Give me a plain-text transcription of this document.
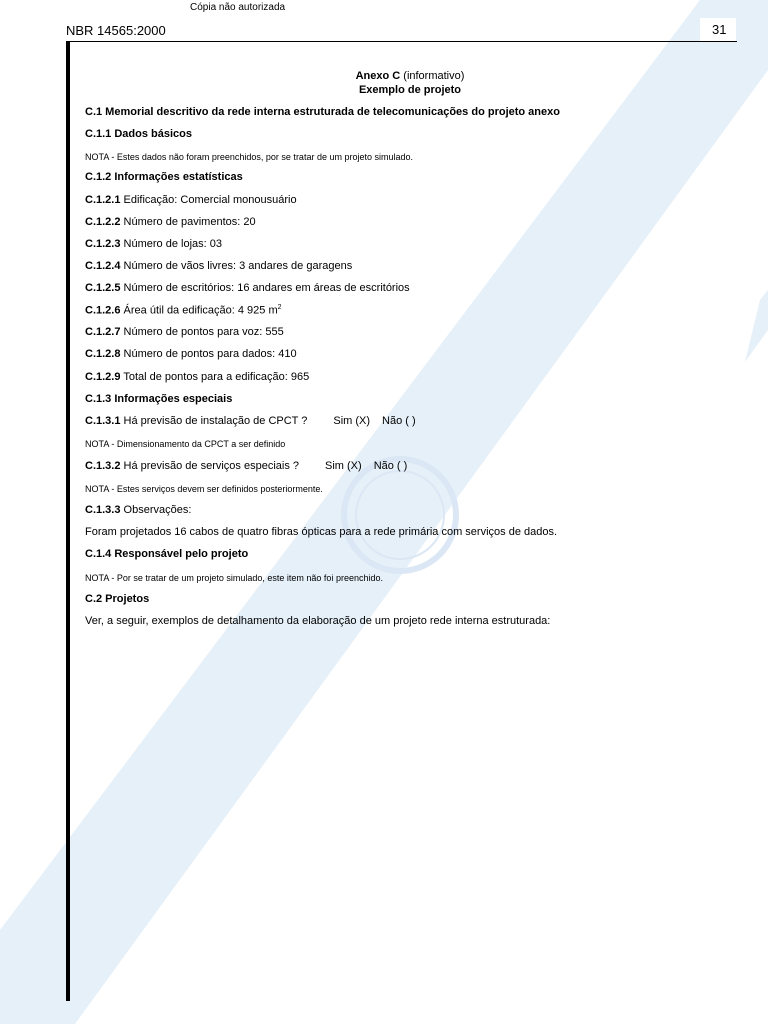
Cópia não autorizada
NBR 14565:2000	31
Anexo C (informativo)
Exemplo de projeto
C.1 Memorial descritivo da rede interna estruturada de telecomunicações do projeto anexo
C.1.1 Dados básicos
NOTA - Estes dados não foram preenchidos, por se tratar de um projeto simulado.
C.1.2 Informações estatísticas
C.1.2.1 Edificação: Comercial monousuário
C.1.2.2 Número de pavimentos: 20
C.1.2.3 Número de lojas: 03
C.1.2.4 Número de vãos livres: 3 andares de garagens
C.1.2.5 Número de escritórios: 16 andares em áreas de escritórios
C.1.2.6 Área útil da edificação: 4 925 $m^2$
C.1.2.7 Número de pontos para voz: 555
C.1.2.8 Número de pontos para dados: 410
C.1.2.9 Total de pontos para a edificação: 965
C.1.3 Informações especiais
C.1.3.1 Há previsão de instalação de CPCT ? Sim (X) Não ( )
NOTA - Dimensionamento da CPCT a ser definido
C.1.3.2 Há previsão de serviços especiais ? Sim (X) Não ( )
NOTA - Estes serviços devem ser definidos posteriormente.
C.1.3.3 Observações:
Foram projetados 16 cabos de quatro fibras ópticas para a rede primária com serviços de dados.
C.1.4 Responsável pelo projeto
NOTA - Por se tratar de um projeto simulado, este item não foi preenchido.
C.2 Projetos
Ver, a seguir, exemplos de detalhamento da elaboração de um projeto rede interna estruturada:
